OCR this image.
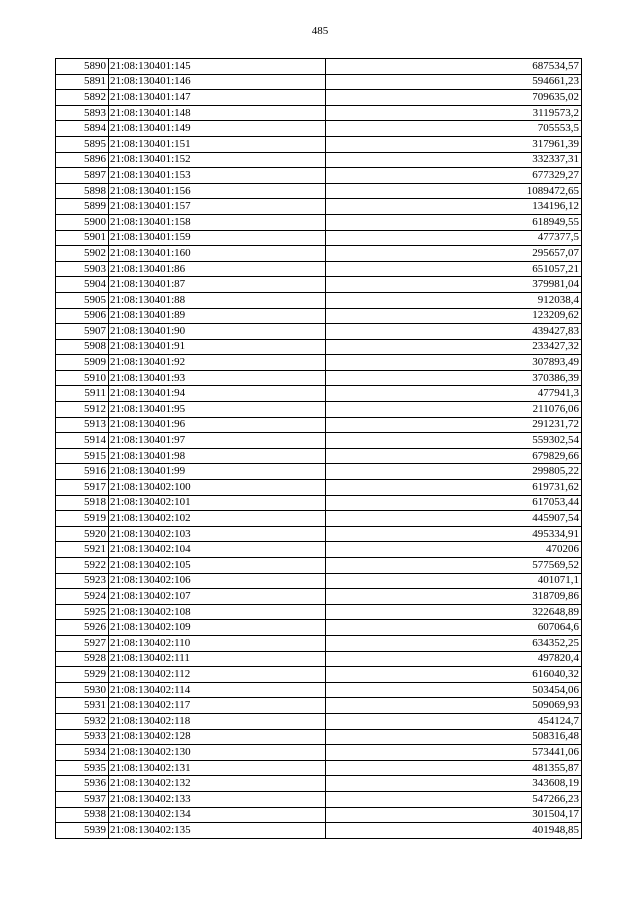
485
5890	21:08:130401:145	687534,57
5891	21:08:130401:146	594661,23
5892	21:08:130401:147	709635,02
5893	21:08:130401:148	3119573,2
5894	21:08:130401:149	705553,5
5895	21:08:130401:151	317961,39
5896	21:08:130401:152	332337,31
5897	21:08:130401:153	677329,27
5898	21:08:130401:156	1089472,65
5899	21:08:130401:157	134196,12
5900	21:08:130401:158	618949,55
5901	21:08:130401:159	477377,5
5902	21:08:130401:160	295657,07
5903	21:08:130401:86	651057,21
5904	21:08:130401:87	379981,04
5905	21:08:130401:88	912038,4
5906	21:08:130401:89	123209,62
5907	21:08:130401:90	439427,83
5908	21:08:130401:91	233427,32
5909	21:08:130401:92	307893,49
5910	21:08:130401:93	370386,39
5911	21:08:130401:94	477941,3
5912	21:08:130401:95	211076,06
5913	21:08:130401:96	291231,72
5914	21:08:130401:97	559302,54
5915	21:08:130401:98	679829,66
5916	21:08:130401:99	299805,22
5917	21:08:130402:100	619731,62
5918	21:08:130402:101	617053,44
5919	21:08:130402:102	445907,54
5920	21:08:130402:103	495334,91
5921	21:08:130402:104	470206
5922	21:08:130402:105	577569,52
5923	21:08:130402:106	401071,1
5924	21:08:130402:107	318709,86
5925	21:08:130402:108	322648,89
5926	21:08:130402:109	607064,6
5927	21:08:130402:110	634352,25
5928	21:08:130402:111	497820,4
5929	21:08:130402:112	616040,32
5930	21:08:130402:114	503454,06
5931	21:08:130402:117	509069,93
5932	21:08:130402:118	454124,7
5933	21:08:130402:128	508316,48
5934	21:08:130402:130	573441,06
5935	21:08:130402:131	481355,87
5936	21:08:130402:132	343608,19
5937	21:08:130402:133	547266,23
5938	21:08:130402:134	301504,17
5939	21:08:130402:135	401948,85
